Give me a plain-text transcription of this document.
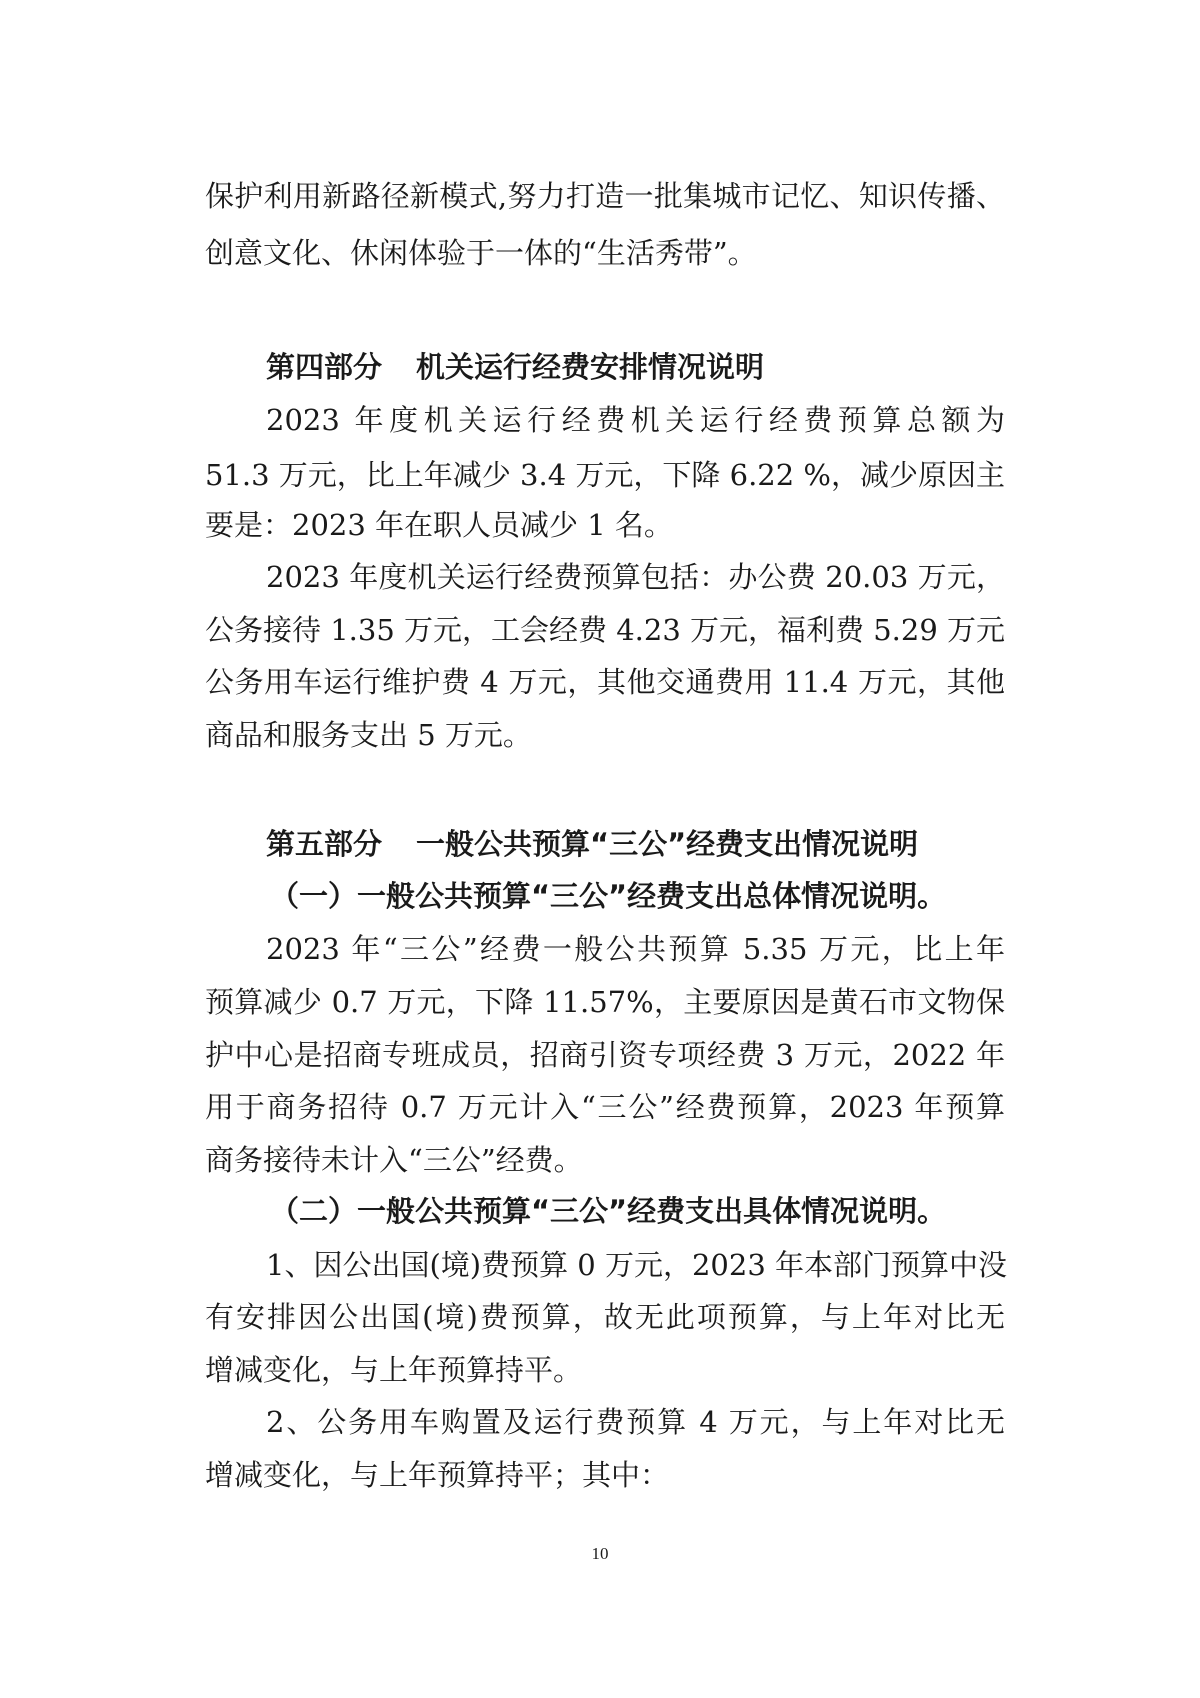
保护利用新路径新模式,努力打造一批集城市记忆、知识传播、
创意文化、休闲体验于一体的“生活秀带”。
第四部分 机关运行经费安排情况说明
2023 年度机关运行经费机关运行经费预算总额为
51.3 万元，比上年减少 3.4 万元，下降 6.22 %，减少原因主
要是：2023 年在职人员减少 1 名。
2023 年度机关运行经费预算包括：办公费 20.03 万元，
公务接待 1.35 万元，工会经费 4.23 万元，福利费 5.29 万元
公务用车运行维护费 4 万元，其他交通费用 11.4 万元，其他
商品和服务支出 5 万元。
第五部分 一般公共预算“三公”经费支出情况说明
（一）一般公共预算“三公”经费支出总体情况说明。
2023 年“三公”经费一般公共预算 5.35 万元，比上年
预算减少 0.7 万元，下降 11.57%，主要原因是黄石市文物保
护中心是招商专班成员，招商引资专项经费 3 万元，2022 年
用于商务招待 0.7 万元计入“三公”经费预算，2023 年预算
商务接待未计入“三公”经费。
（二）一般公共预算“三公”经费支出具体情况说明。
1、因公出国(境)费预算 0 万元，2023 年本部门预算中没
有安排因公出国(境)费预算，故无此项预算，与上年对比无
增减变化，与上年预算持平。
2、公务用车购置及运行费预算 4 万元，与上年对比无
增减变化，与上年预算持平；其中：
10
